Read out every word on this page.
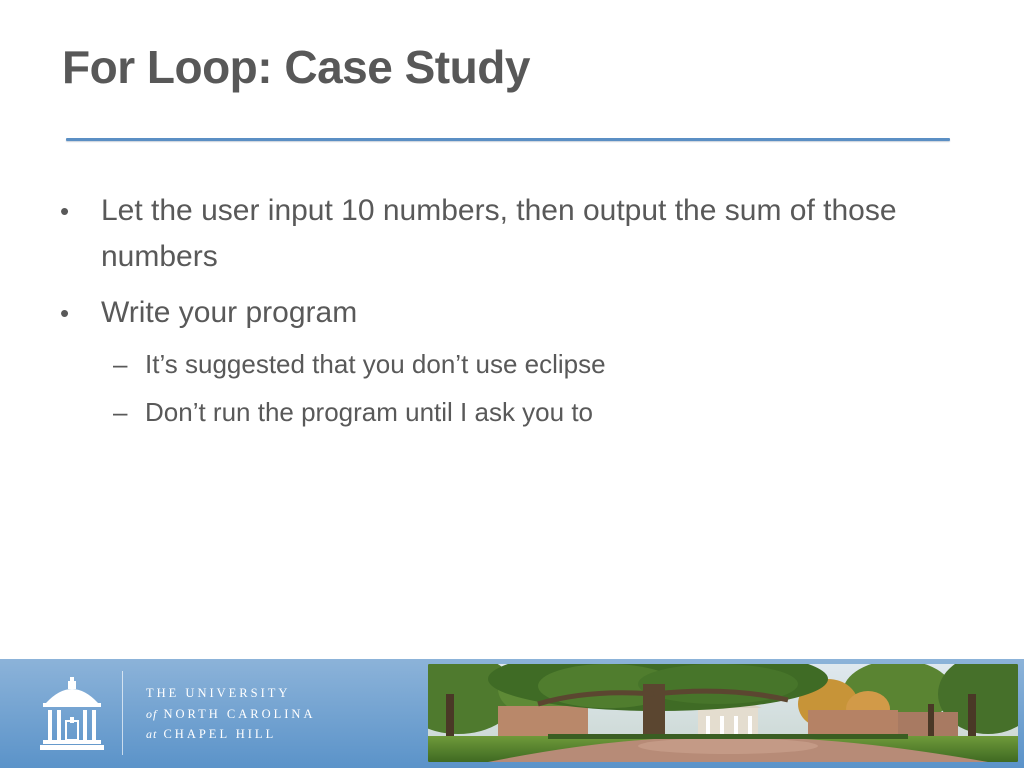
For Loop: Case Study
•	Let the user input 10 numbers, then output the sum of those numbers
•	Write your program
– It’s suggested that you don’t use eclipse
– Don’t run the program until I ask you to
THE UNIVERSITY
of NORTH CAROLINA
at CHAPEL HILL
